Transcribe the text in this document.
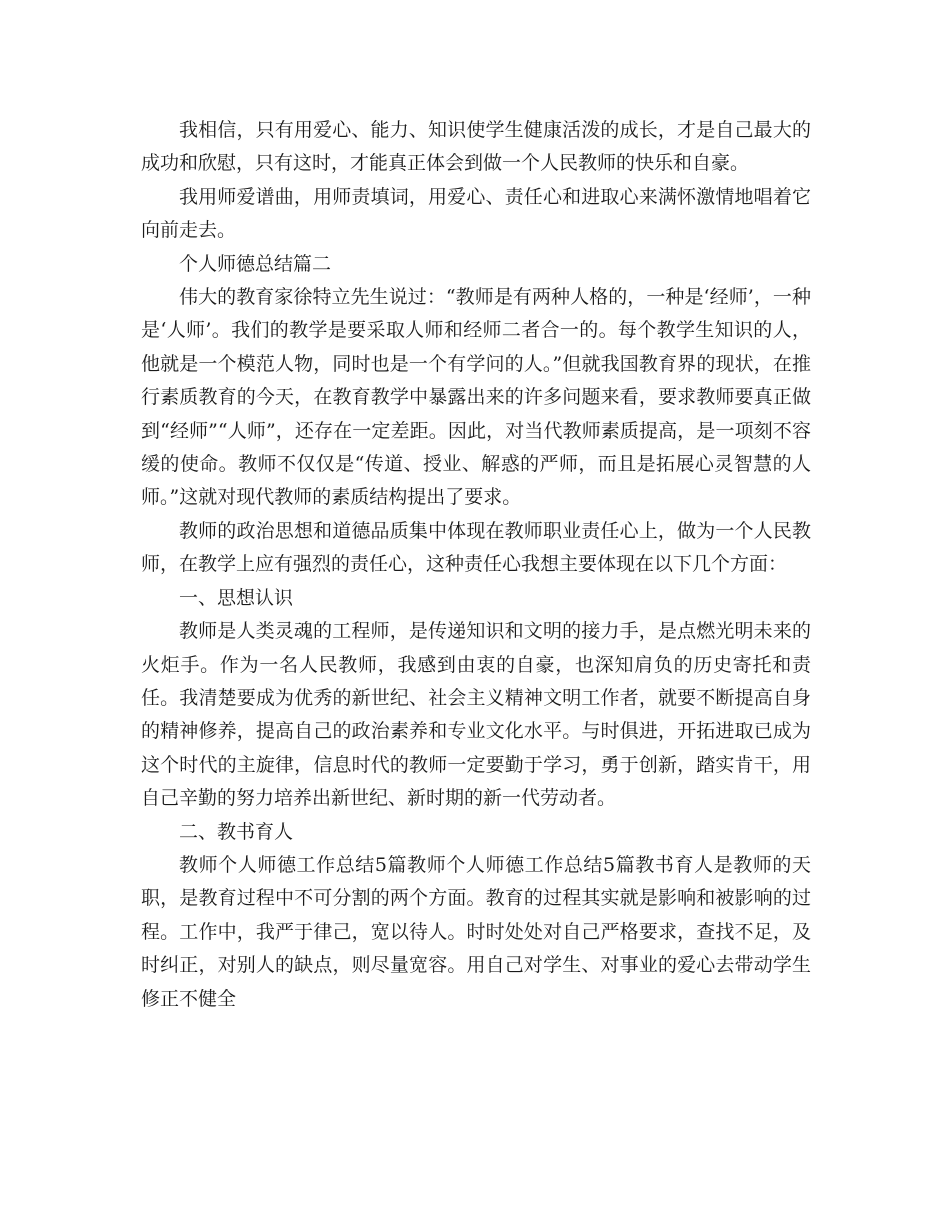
我相信，只有用爱心、能力、知识使学生健康活泼的成长，才是自己最大的成功和欣慰，只有这时，才能真正体会到做一个人民教师的快乐和自豪。

我用师爱谱曲，用师责填词，用爱心、责任心和进取心来满怀激情地唱着它向前走去。

个人师德总结篇二

伟大的教育家徐特立先生说过：“教师是有两种人格的，一种是‘经师’，一种是‘人师’。我们的教学是要采取人师和经师二者合一的。每个教学生知识的人，他就是一个模范人物，同时也是一个有学问的人。”但就我国教育界的现状，在推行素质教育的今天，在教育教学中暴露出来的许多问题来看，要求教师要真正做到“经师”“人师”，还存在一定差距。因此，对当代教师素质提高，是一项刻不容缓的使命。教师不仅仅是“传道、授业、解惑的严师，而且是拓展心灵智慧的人师。”这就对现代教师的素质结构提出了要求。

教师的政治思想和道德品质集中体现在教师职业责任心上，做为一个人民教师，在教学上应有强烈的责任心，这种责任心我想主要体现在以下几个方面：

一、思想认识

教师是人类灵魂的工程师，是传递知识和文明的接力手，是点燃光明未来的火炬手。作为一名人民教师，我感到由衷的自豪，也深知肩负的历史寄托和责任。我清楚要成为优秀的新世纪、社会主义精神文明工作者，就要不断提高自身的精神修养，提高自己的政治素养和专业文化水平。与时俱进，开拓进取已成为这个时代的主旋律，信息时代的教师一定要勤于学习，勇于创新，踏实肯干，用自己辛勤的努力培养出新世纪、新时期的新一代劳动者。

二、教书育人

教师个人师德工作总结5篇教师个人师德工作总结5篇教书育人是教师的天职，是教育过程中不可分割的两个方面。教育的过程其实就是影响和被影响的过程。工作中，我严于律己，宽以待人。时时处处对自己严格要求，查找不足，及时纠正，对别人的缺点，则尽量宽容。用自己对学生、对事业的爱心去带动学生修正不健全
